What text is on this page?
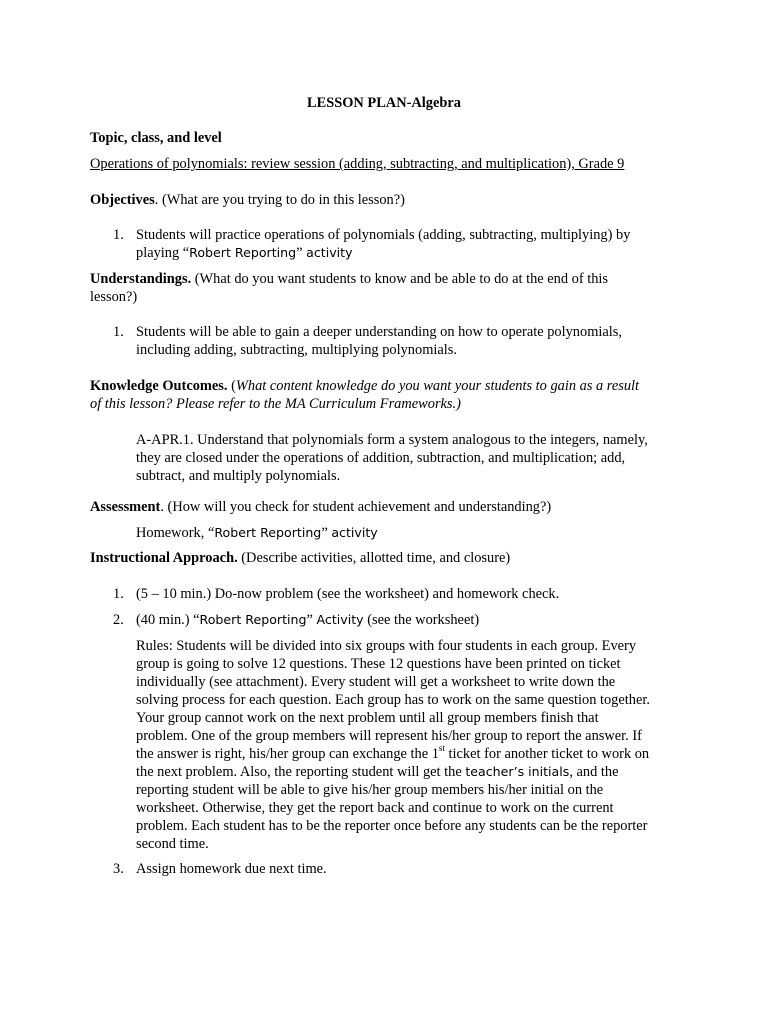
LESSON PLAN-Algebra
Topic, class, and level
Operations of polynomials: review session (adding, subtracting, and multiplication), Grade 9
Objectives. (What are you trying to do in this lesson?)
1. Students will practice operations of polynomials (adding, subtracting, multiplying) by
playing “Robert Reporting” activity
Understandings. (What do you want students to know and be able to do at the end of this
lesson?)
1. Students will be able to gain a deeper understanding on how to operate polynomials,
including adding, subtracting, multiplying polynomials.
Knowledge Outcomes. (What content knowledge do you want your students to gain as a result
of this lesson? Please refer to the MA Curriculum Frameworks.)
A-APR.1. Understand that polynomials form a system analogous to the integers, namely,
they are closed under the operations of addition, subtraction, and multiplication; add,
subtract, and multiply polynomials.
Assessment. (How will you check for student achievement and understanding?)
Homework, “Robert Reporting” activity
Instructional Approach. (Describe activities, allotted time, and closure)
1. (5 – 10 min.) Do-now problem (see the worksheet) and homework check.
2. (40 min.) “Robert Reporting” Activity (see the worksheet)
Rules: Students will be divided into six groups with four students in each group. Every
group is going to solve 12 questions. These 12 questions have been printed on ticket
individually (see attachment). Every student will get a worksheet to write down the
solving process for each question. Each group has to work on the same question together.
Your group cannot work on the next problem until all group members finish that
problem. One of the group members will represent his/her group to report the answer. If
the answer is right, his/her group can exchange the 1st ticket for another ticket to work on
the next problem. Also, the reporting student will get the teacher’s initials, and the
reporting student will be able to give his/her group members his/her initial on the
worksheet. Otherwise, they get the report back and continue to work on the current
problem. Each student has to be the reporter once before any students can be the reporter
second time.
3. Assign homework due next time.
